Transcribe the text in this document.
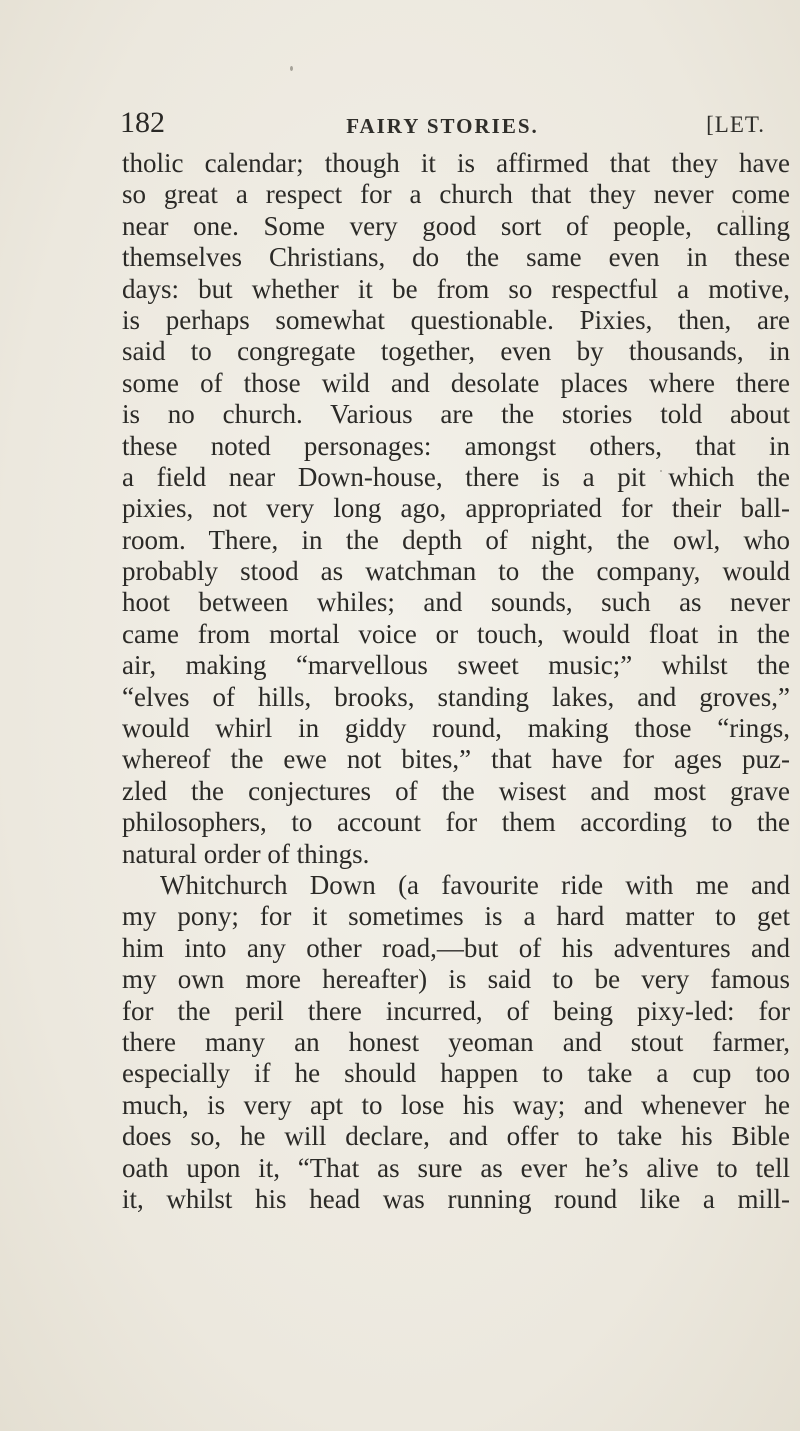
182	FAIRY STORIES.	[LET.
tholic calendar; though it is affirmed that they have
so great a respect for a church that they never come
near one. Some very good sort of people, calling
themselves Christians, do the same even in these
days: but whether it be from so respectful a motive,
is perhaps somewhat questionable. Pixies, then, are
said to congregate together, even by thousands, in
some of those wild and desolate places where there
is no church. Various are the stories told about
these noted personages: amongst others, that in
a field near Down-house, there is a pit which the
pixies, not very long ago, appropriated for their ball-
room. There, in the depth of night, the owl, who
probably stood as watchman to the company, would
hoot between whiles; and sounds, such as never
came from mortal voice or touch, would float in the
air, making “marvellous sweet music;” whilst the
“elves of hills, brooks, standing lakes, and groves,”
would whirl in giddy round, making those “rings,
whereof the ewe not bites,” that have for ages puz-
zled the conjectures of the wisest and most grave
philosophers, to account for them according to the
natural order of things.
Whitchurch Down (a favourite ride with me and
my pony; for it sometimes is a hard matter to get
him into any other road,—but of his adventures and
my own more hereafter) is said to be very famous
for the peril there incurred, of being pixy-led: for
there many an honest yeoman and stout farmer,
especially if he should happen to take a cup too
much, is very apt to lose his way; and whenever he
does so, he will declare, and offer to take his Bible
oath upon it, “That as sure as ever he’s alive to tell
it, whilst his head was running round like a mill-
